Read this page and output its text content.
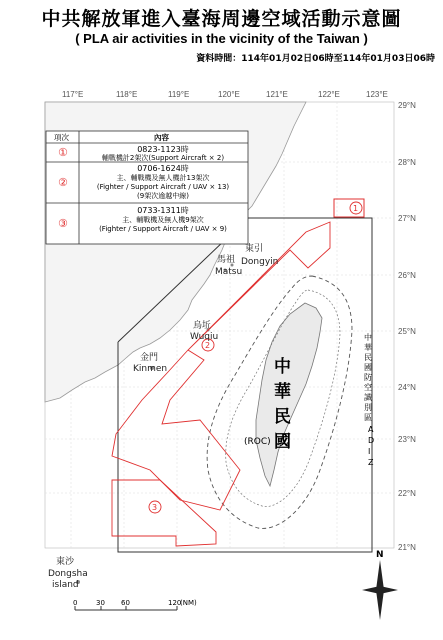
中共解放軍進入臺海周邊空域活動示意圖
( PLA air activities in the vicinity of the Taiwan )
資料時間：114年01月02日06時至114年01月03日06時
117°E	118°E	119°E	120°E	121°E	122°E	123°E
29°N
28°N
27°N
26°N
25°N
24°N
23°N
22°N
21°N
1
2
3
東引
Dongyin
馬祖
Matsu
烏坵
Wuqiu
金門
Kinmen
東沙
Dongsha
island
中
華
民
國
(ROC)
中
華
民
國
防
空
識
別
區
A
D
I
Z
項次	內容
①	0823-1123時
輔戰機計2架次(Support Aircraft × 2)
②
0706-1624時
主、輔戰機及無人機計13架次
(Fighter / Support Aircraft / UAV × 13)
(9架次逾越中線)
③
0733-1311時
主、輔戰機及無人機9架次
(Fighter / Support Aircraft / UAV × 9)
0	30 60	120
(NM)
N
